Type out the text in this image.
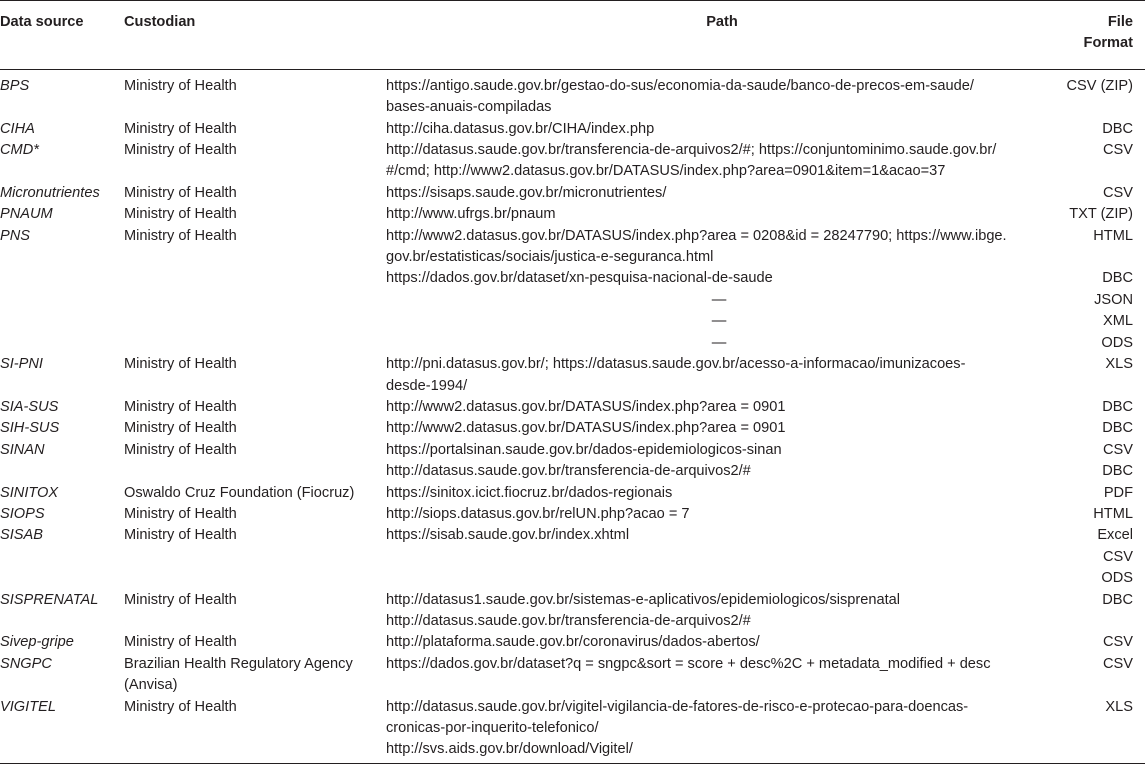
Data source	Custodian	Path	File
Format

BPS	Ministry of Health	https://antigo.saude.gov.br/gestao-do-sus/economia-da-saude/banco-de-precos-em-saude/
bases-anuais-compiladas	CSV (ZIP)
CIHA	Ministry of Health	http://ciha.datasus.gov.br/CIHA/index.php	DBC
CMD*	Ministry of Health	http://datasus.saude.gov.br/transferencia-de-arquivos2/#; https://conjuntominimo.saude.gov.br/
#/cmd; http://www2.datasus.gov.br/DATASUS/index.php?area=0901&item=1&acao=37	CSV
Micronutrientes	Ministry of Health	https://sisaps.saude.gov.br/micronutrientes/	CSV
PNAUM	Ministry of Health	http://www.ufrgs.br/pnaum	TXT (ZIP)
PNS	Ministry of Health	http://www2.datasus.gov.br/DATASUS/index.php?area = 0208&id = 28247790; https://www.ibge.
gov.br/estatisticas/sociais/justica-e-seguranca.html	HTML

		https://dados.gov.br/dataset/xn-pesquisa-nacional-de-saude	DBC

		—	JSON

		—	XML

		—	ODS
SI-PNI	Ministry of Health	http://pni.datasus.gov.br/; https://datasus.saude.gov.br/acesso-a-informacao/imunizacoes-
desde-1994/	XLS
SIA-SUS	Ministry of Health	http://www2.datasus.gov.br/DATASUS/index.php?area = 0901	DBC
SIH-SUS	Ministry of Health	http://www2.datasus.gov.br/DATASUS/index.php?area = 0901	DBC
SINAN	Ministry of Health	https://portalsinan.saude.gov.br/dados-epidemiologicos-sinan	CSV

		http://datasus.saude.gov.br/transferencia-de-arquivos2/#	DBC
SINITOX	Oswaldo Cruz Foundation (Fiocruz)	https://sinitox.icict.fiocruz.br/dados-regionais	PDF
SIOPS	Ministry of Health	http://siops.datasus.gov.br/relUN.php?acao = 7	HTML
SISAB	Ministry of Health	https://sisab.saude.gov.br/index.xhtml	Excel
			CSV
			ODS
SISPRENATAL	Ministry of Health	http://datasus1.saude.gov.br/sistemas-e-aplicativos/epidemiologicos/sisprenatal
http://datasus.saude.gov.br/transferencia-de-arquivos2/#	DBC
Sivep-gripe	Ministry of Health	http://plataforma.saude.gov.br/coronavirus/dados-abertos/	CSV
SNGPC	Brazilian Health Regulatory Agency
(Anvisa)	https://dados.gov.br/dataset?q = sngpc&sort = score + desc%2C + metadata_modified + desc	CSV
VIGITEL	Ministry of Health	http://datasus.saude.gov.br/vigitel-vigilancia-de-fatores-de-risco-e-protecao-para-doencas-
cronicas-por-inquerito-telefonico/
http://svs.aids.gov.br/download/Vigitel/	XLS
